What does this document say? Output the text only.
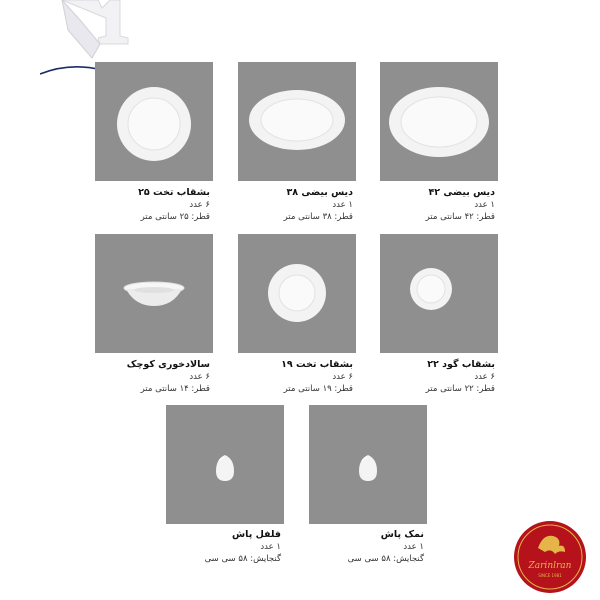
بشقاب تخت ۲۵
۶ عدد
قطر: ۲۵ سانتی متر
دیس بیضی ۳۸
۱ عدد
قطر: ۳۸ سانتی متر
دیس بیضی ۴۲
۱ عدد
قطر: ۴۲ سانتی متر
سالادخوری کوچک
۶ عدد
قطر: ۱۴ سانتی متر
بشقاب تخت ۱۹
۶ عدد
قطر: ۱۹ سانتی متر
بشقاب گود ۲۲
۶ عدد
قطر: ۲۲ سانتی متر
فلفل پاش
۱ عدد
گنجایش: ۵۸ سی سی
نمک پاش
۱ عدد
گنجایش: ۵۸ سی سی
Zarinlran
SINCE 1981
